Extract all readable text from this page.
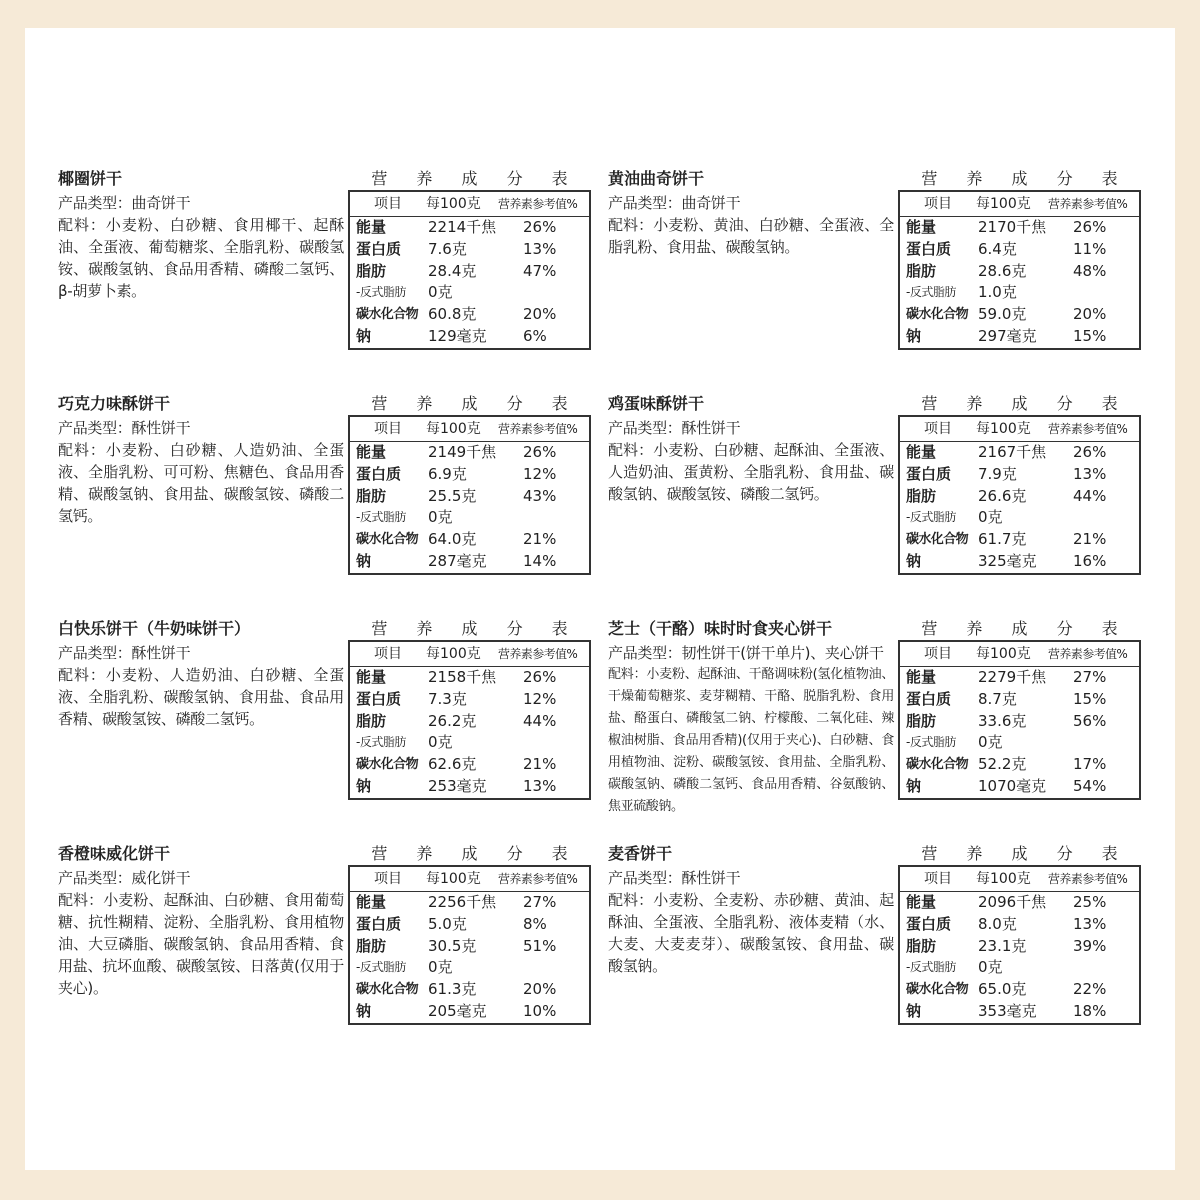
椰圈饼干
产品类型：曲奇饼干
配料：小麦粉、白砂糖、食用椰干、起酥油、全蛋液、葡萄糖浆、全脂乳粉、碳酸氢铵、碳酸氢钠、食品用香精、磷酸二氢钙、β-胡萝卜素。
营 养 成 分 表
项目	每100克	营养素参考值%
能量	2214千焦	26%
蛋白质	7.6克	13%
脂肪	28.4克	47%
-反式脂肪	0克
碳水化合物 60.8克	20%
钠	129毫克	6%
黄油曲奇饼干
产品类型：曲奇饼干
配料：小麦粉、黄油、白砂糖、全蛋液、全脂乳粉、食用盐、碳酸氢钠。
营 养 成 分 表
项目	每100克	营养素参考值%
能量	2170千焦	26%
蛋白质	6.4克	11%
脂肪	28.6克	48%
-反式脂肪	1.0克
碳水化合物 59.0克	20%
钠	297毫克	15%
巧克力味酥饼干
产品类型：酥性饼干
配料：小麦粉、白砂糖、人造奶油、全蛋液、全脂乳粉、可可粉、焦糖色、食品用香精、碳酸氢钠、食用盐、碳酸氢铵、磷酸二氢钙。
营 养 成 分 表
项目	每100克	营养素参考值%
能量	2149千焦	26%
蛋白质	6.9克	12%
脂肪	25.5克	43%
-反式脂肪	0克
碳水化合物 64.0克	21%
钠	287毫克	14%
鸡蛋味酥饼干
产品类型：酥性饼干
配料：小麦粉、白砂糖、起酥油、全蛋液、人造奶油、蛋黄粉、全脂乳粉、食用盐、碳酸氢钠、碳酸氢铵、磷酸二氢钙。
营 养 成 分 表
项目	每100克	营养素参考值%
能量	2167千焦	26%
蛋白质	7.9克	13%
脂肪	26.6克	44%
-反式脂肪	0克
碳水化合物 61.7克	21%
钠	325毫克	16%
白快乐饼干（牛奶味饼干）
产品类型：酥性饼干
配料：小麦粉、人造奶油、白砂糖、全蛋液、全脂乳粉、碳酸氢钠、食用盐、食品用香精、碳酸氢铵、磷酸二氢钙。
营 养 成 分 表
项目	每100克	营养素参考值%
能量	2158千焦	26%
蛋白质	7.3克	12%
脂肪	26.2克	44%
-反式脂肪	0克
碳水化合物 62.6克	21%
钠	253毫克	13%
芝士（干酪）味时时食夹心饼干
产品类型：韧性饼干(饼干单片)、夹心饼干
配料：小麦粉、起酥油、干酪调味粉(氢化植物油、干燥葡萄糖浆、麦芽糊精、干酪、脱脂乳粉、食用盐、酪蛋白、磷酸氢二钠、柠檬酸、二氧化硅、辣椒油树脂、食品用香精)(仅用于夹心)、白砂糖、食用植物油、淀粉、碳酸氢铵、食用盐、全脂乳粉、碳酸氢钠、磷酸二氢钙、食品用香精、谷氨酸钠、焦亚硫酸钠。
营 养 成 分 表
项目	每100克	营养素参考值%
能量	2279千焦	27%
蛋白质	8.7克	15%
脂肪	33.6克	56%
-反式脂肪	0克
碳水化合物 52.2克	17%
钠	1070毫克	54%
香橙味威化饼干
产品类型：威化饼干
配料：小麦粉、起酥油、白砂糖、食用葡萄糖、抗性糊精、淀粉、全脂乳粉、食用植物油、大豆磷脂、碳酸氢钠、食品用香精、食用盐、抗坏血酸、碳酸氢铵、日落黄(仅用于夹心)。
营 养 成 分 表
项目	每100克	营养素参考值%
能量	2256千焦	27%
蛋白质	5.0克	8%
脂肪	30.5克	51%
-反式脂肪	0克
碳水化合物 61.3克	20%
钠	205毫克	10%
麦香饼干
产品类型：酥性饼干
配料：小麦粉、全麦粉、赤砂糖、黄油、起酥油、全蛋液、全脂乳粉、液体麦精（水、大麦、大麦麦芽）、碳酸氢铵、食用盐、碳酸氢钠。
营 养 成 分 表
项目	每100克	营养素参考值%
能量	2096千焦	25%
蛋白质	8.0克	13%
脂肪	23.1克	39%
-反式脂肪	0克
碳水化合物 65.0克	22%
钠	353毫克	18%
